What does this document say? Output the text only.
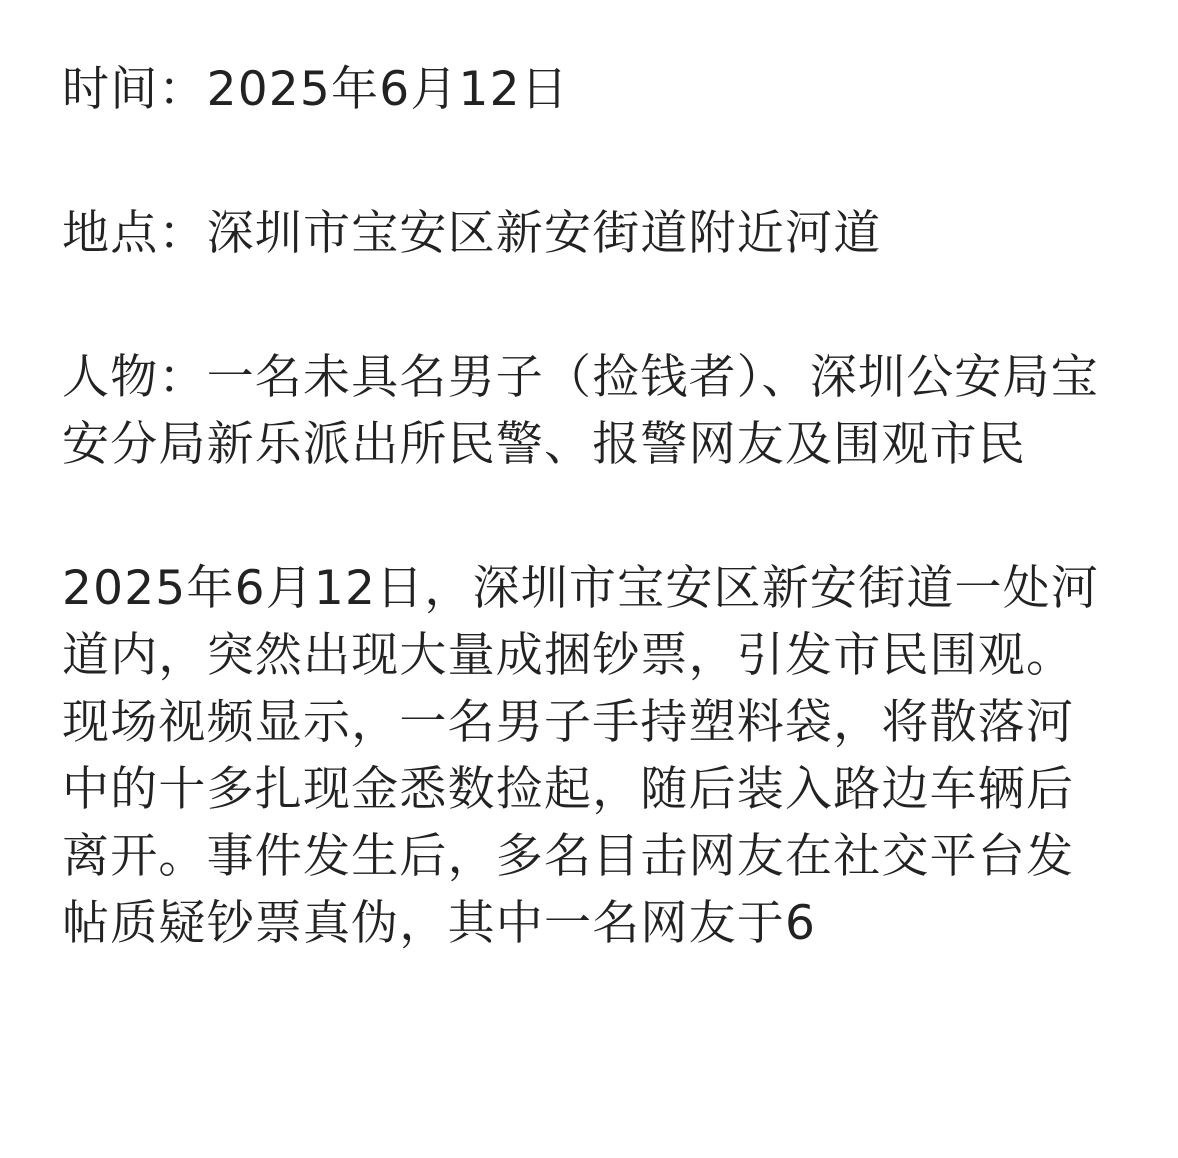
时间：2025年6月12日

地点：深圳市宝安区新安街道附近河道

人物：一名未具名男子（捡钱者）、深圳公安局宝安分局新乐派出所民警、报警网友及围观市民

2025年6月12日，深圳市宝安区新安街道一处河道内，突然出现大量成捆钞票，引发市民围观。现场视频显示，一名男子手持塑料袋，将散落河中的十多扎现金悉数捡起，随后装入路边车辆后离开。事件发生后，多名目击网友在社交平台发帖质疑钞票真伪，其中一名网友于6
